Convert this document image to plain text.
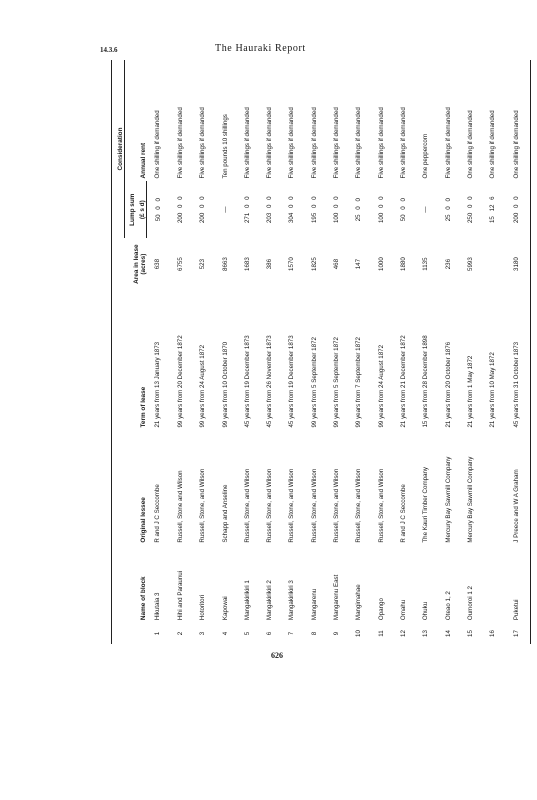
14.3.6	The Hauraki Report
	Name of block	Original lessee	Term of lease	Area in lease
(acres)	Consideration	
					Lump sum	Annual rent
					(£ s d)	
1	Hikutaia 3	R and J C Seccombe	21 years from 13 January 1873	638	50 0 0	One shilling if demanded
2	Hihi and Paraunui	Russell, Stone and Wilson	99 years from 20 December 1872	6755	200 0 0	Five shillings if demanded
3	Hotoritori	Russell, Stone, and Wilson	99 years from 24 August 1872	523	200 0 0	Five shillings if demanded
4	Kapowai	Schapp and Anseline	99 years from 10 October 1870	8663	—	Ten pounds 10 shillings
5	Mangakirikiri 1	Russell, Stone, and Wilson	45 years from 19 December 1873	1683	271 0 0	Five shillings if demanded
6	Mangakirikiri 2	Russell, Stone, and Wilson	45 years from 26 November 1873	386	203 0 0	Five shillings if demanded
7	Mangakirikiri 3	Russell, Stone, and Wilson	45 years from 19 December 1873	1570	304 0 0	Five shillings if demanded
8	Mangarenu	Russell, Stone, and Wilson	99 years from 5 September 1872	1825	195 0 0	Five shillings if demanded
9	Mangarenu East	Russell, Stone, and Wilson	99 years from 5 September 1872	468	100 0 0	Five shillings if demanded
10	Mangimahae	Russell, Stone, and Wilson	99 years from 7 September 1872	147	25 0 0	Five shillings if demanded
11	Opango	Russell, Stone, and Wilson	99 years from 24 August 1872	1000	100 0 0	Five shillings if demanded
12	Omahu	R and J C Seccombe	21 years from 21 December 1872	1880	50 0 0	Five shillings if demanded
13	Ohuku	The Kauri Timber Company	15 years from 28 December 1898	1135	—	One peppercorn
14	Oteao 1, 2	Mercury Bay Sawmill Company	21 years from 20 October 1876	236	25 0 0	Five shillings if demanded
15	Oumoroi 1 2	Mercury Bay Sawmill Company	21 years from 1 May 1872	5993	250 0 0	One shilling if demanded
16			21 years from 10 May 1872		15 12 6	One shilling if demanded
17	Puketui	J Preece and W A Graham	45 years from 31 October 1873	3180	200 0 0	One shilling if demanded
626
